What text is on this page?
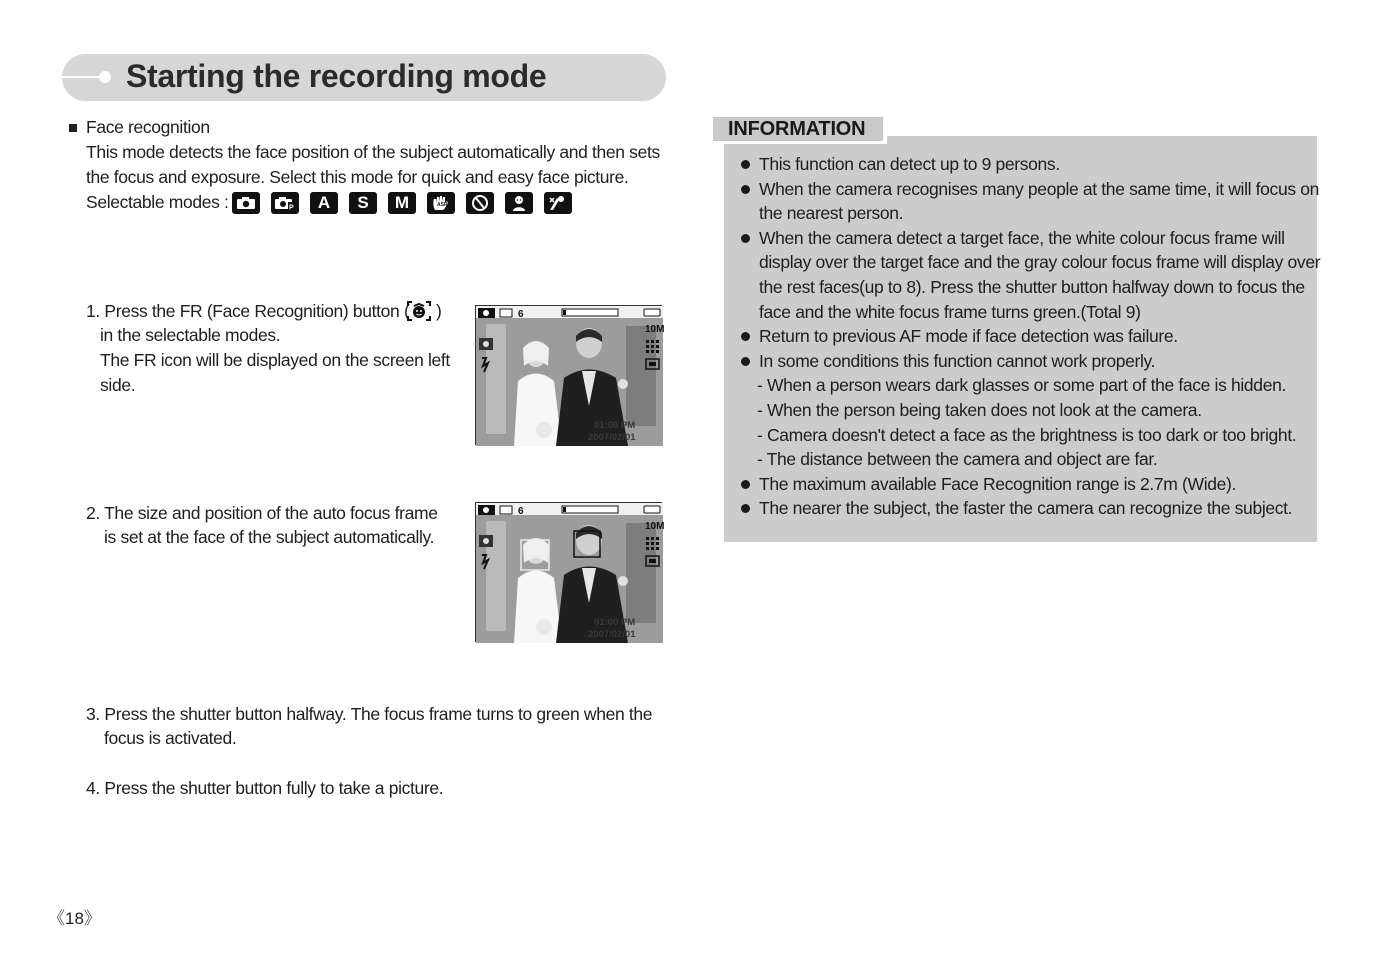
Starting the recording mode
Face recognition
This mode detects the face position of the subject automatically and then sets
the focus and exposure. Select this mode for quick and easy face picture.
Selectable modes :	P	A	S	M	ASR
1. Press the FR (Face Recognition) button ( )
in the selectable modes.
The FR icon will be displayed on the screen left
side.
6
10M
01:00 PM
2007/02/01
2. The size and position of the auto focus frame
is set at the face of the subject automatically.
6
10M
01:00 PM
2007/02/01
3. Press the shutter button halfway. The focus frame turns to green when the
focus is activated.
4. Press the shutter button fully to take a picture.
INFORMATION
This function can detect up to 9 persons.
When the camera recognises many people at the same time, it will focus on
the nearest person.
When the camera detect a target face, the white colour focus frame will
display over the target face and the gray colour focus frame will display over
the rest faces(up to 8). Press the shutter button halfway down to focus the
face and the white focus frame turns green.(Total 9)
Return to previous AF mode if face detection was failure.
In some conditions this function cannot work properly.
- When a person wears dark glasses or some part of the face is hidden.
- When the person being taken does not look at the camera.
- Camera doesn't detect a face as the brightness is too dark or too bright.
- The distance between the camera and object are far.
The maximum available Face Recognition range is 2.7m (Wide).
The nearer the subject, the faster the camera can recognize the subject.
《18》
